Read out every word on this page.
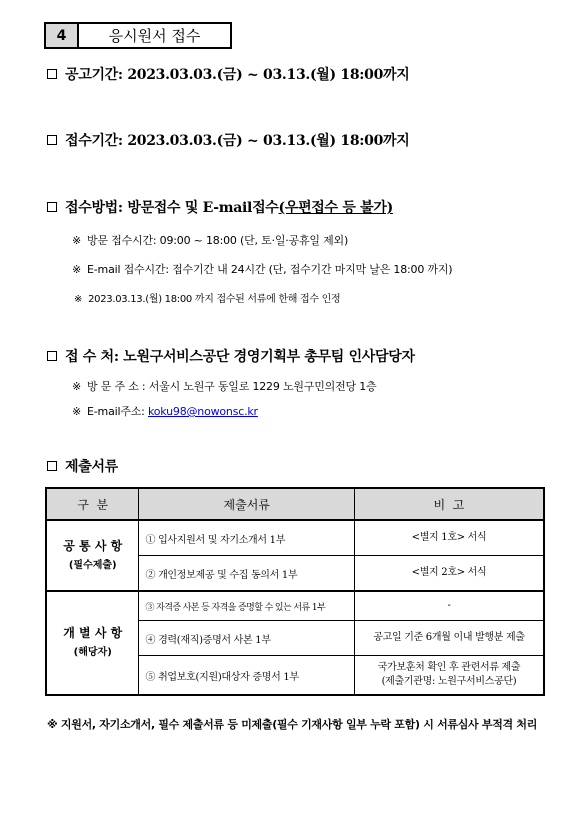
4	응시원서 접수
공고기간: 2023.03.03.(금) ~ 03.13.(월) 18:00까지
접수기간: 2023.03.03.(금) ~ 03.13.(월) 18:00까지
접수방법: 방문접수 및 E-mail접수(우편접수 등 불가)
※ 방문 접수시간: 09:00 ~ 18:00 (단, 토·일·공휴일 제외)
※ E-mail 접수시간: 접수기간 내 24시간 (단, 접수기간 마지막 날은 18:00 까지)
※ 2023.03.13.(월) 18:00 까지 접수된 서류에 한해 접수 인정
접 수 처: 노원구서비스공단 경영기획부 총무팀 인사담당자
※ 방 문 주 소 : 서울시 노원구 동일로 1229 노원구민의전당 1층
※ E-mail주소: koku98@nowonsc.kr
제출서류
구  분	제출서류	비  고

공 통 사 항
(필수제출)	① 입사지원서 및 자기소개서 1부	<별지 1호> 서식
	② 개인정보제공 및 수집 동의서 1부	<별지 2호> 서식

개 별 사 항
(해당자)	③ 자격증 사본 등 자격을 증명할 수 있는 서류 1부	-
	④ 경력(재직)증명서 사본 1부	공고일 기준 6개월 이내 발행분 제출
	⑤ 취업보호(지원)대상자 증명서 1부	국가보훈처 확인 후 관련서류 제출
(제출기관명: 노원구서비스공단)
※ 지원서, 자기소개서, 필수 제출서류 등 미제출(필수 기재사항 일부 누락 포함) 시 서류심사 부적격 처리
